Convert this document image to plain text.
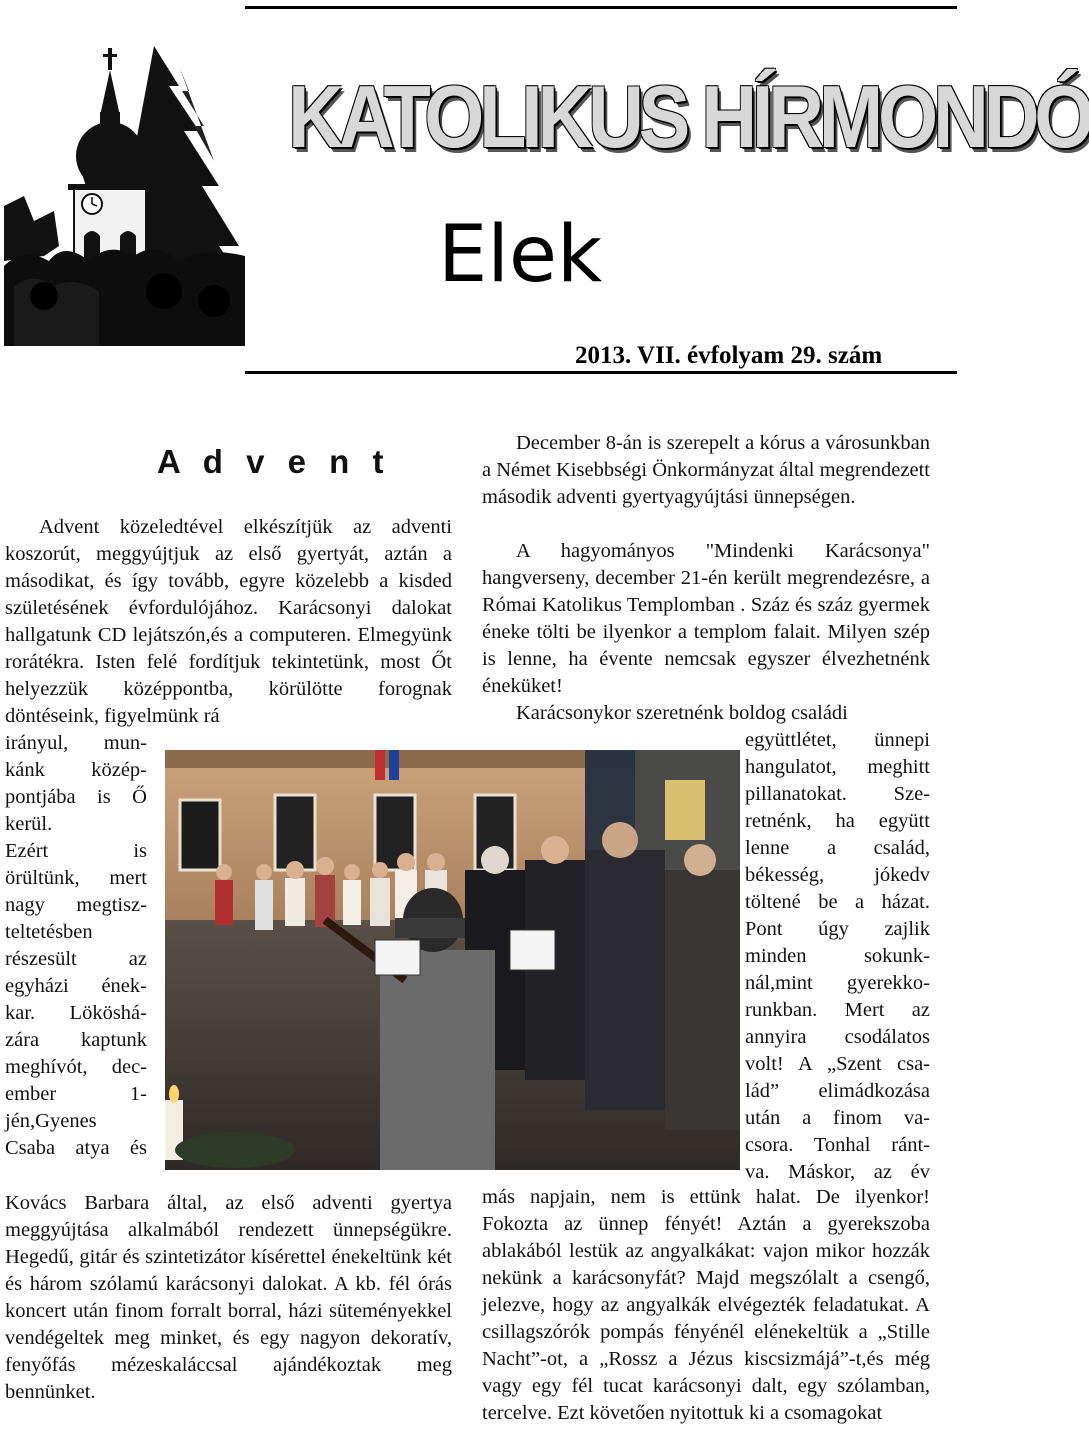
KATOLIKUS HÍRMONDÓ
Elek
2013. VII. évfolyam 29. szám
A d v e n t
Advent közeledtével elkészítjük az adventi koszorút, meggyújtjuk az első gyertyát, aztán a másodikat, és így tovább, egyre közelebb a kisded születésének évfordulójához. Karácsonyi dalokat hallgatunk CD lejátszón,és a computeren. Elmegyünk rorátékra. Isten felé fordítjuk tekintetünk, most Őt helyezzük középpontba, körülötte forognak döntéseink, figyelmünk rá
irányul, mun-
kánk közép-
pontjába is Ő
kerül.
Ezért is
örültünk, mert
nagy megtisz-
teltetésben
részesült az
egyházi ének-
kar. Lököshá-
zára kaptunk
meghívót, dec-
ember 1-
jén,Gyenes
Csaba atya és
Kovács Barbara által, az első adventi gyertya meggyújtása alkalmából rendezett ünnepségükre. Hegedű, gitár és szintetizátor kísérettel énekeltünk két és három szólamú karácsonyi dalokat. A kb. fél órás koncert után finom forralt borral, házi süteményekkel vendégeltek meg minket, és egy nagyon dekoratív, fenyőfás mézeskaláccsal ajándékoztak meg bennünket.
December 8-án is szerepelt a kórus a városunkban a Német Kisebbségi Önkormányzat által megrendezett második adventi gyertyagyújtási ünnepségen.
A hagyományos "Mindenki Karácsonya" hangverseny, december 21-én került megrendezésre, a Római Katolikus Templomban . Száz és száz gyermek éneke tölti be ilyenkor a templom falait. Milyen szép is lenne, ha évente nemcsak egyszer élvezhetnénk éneküket!
Karácsonykor szeretnénk boldog családi
együttlétet, ünnepi
hangulatot, meghitt
pillanatokat. Sze-
retnénk, ha együtt
lenne a család,
békesség, jókedv
töltené be a házat.
Pont úgy zajlik
minden sokunk-
nál,mint gyerekko-
runkban. Mert az
annyira csodálatos
volt! A „Szent csa-
lád” elimádkozása
után a finom va-
csora. Tonhal ránt-
va. Máskor, az év
más napjain, nem is ettünk halat. De ilyenkor! Fokozta az ünnep fényét! Aztán a gyerekszoba ablakából lestük az angyalkákat: vajon mikor hozzák nekünk a karácsonyfát? Majd megszólalt a csengő, jelezve, hogy az angyalkák elvégezték feladatukat. A csillagszórók pompás fényénél elénekeltük a „Stille Nacht”-ot, a „Rossz a Jézus kiscsizmájá”-t,és még vagy egy fél tucat karácsonyi dalt, egy szólamban, tercelve. Ezt követően nyitottuk ki a csomagokat
